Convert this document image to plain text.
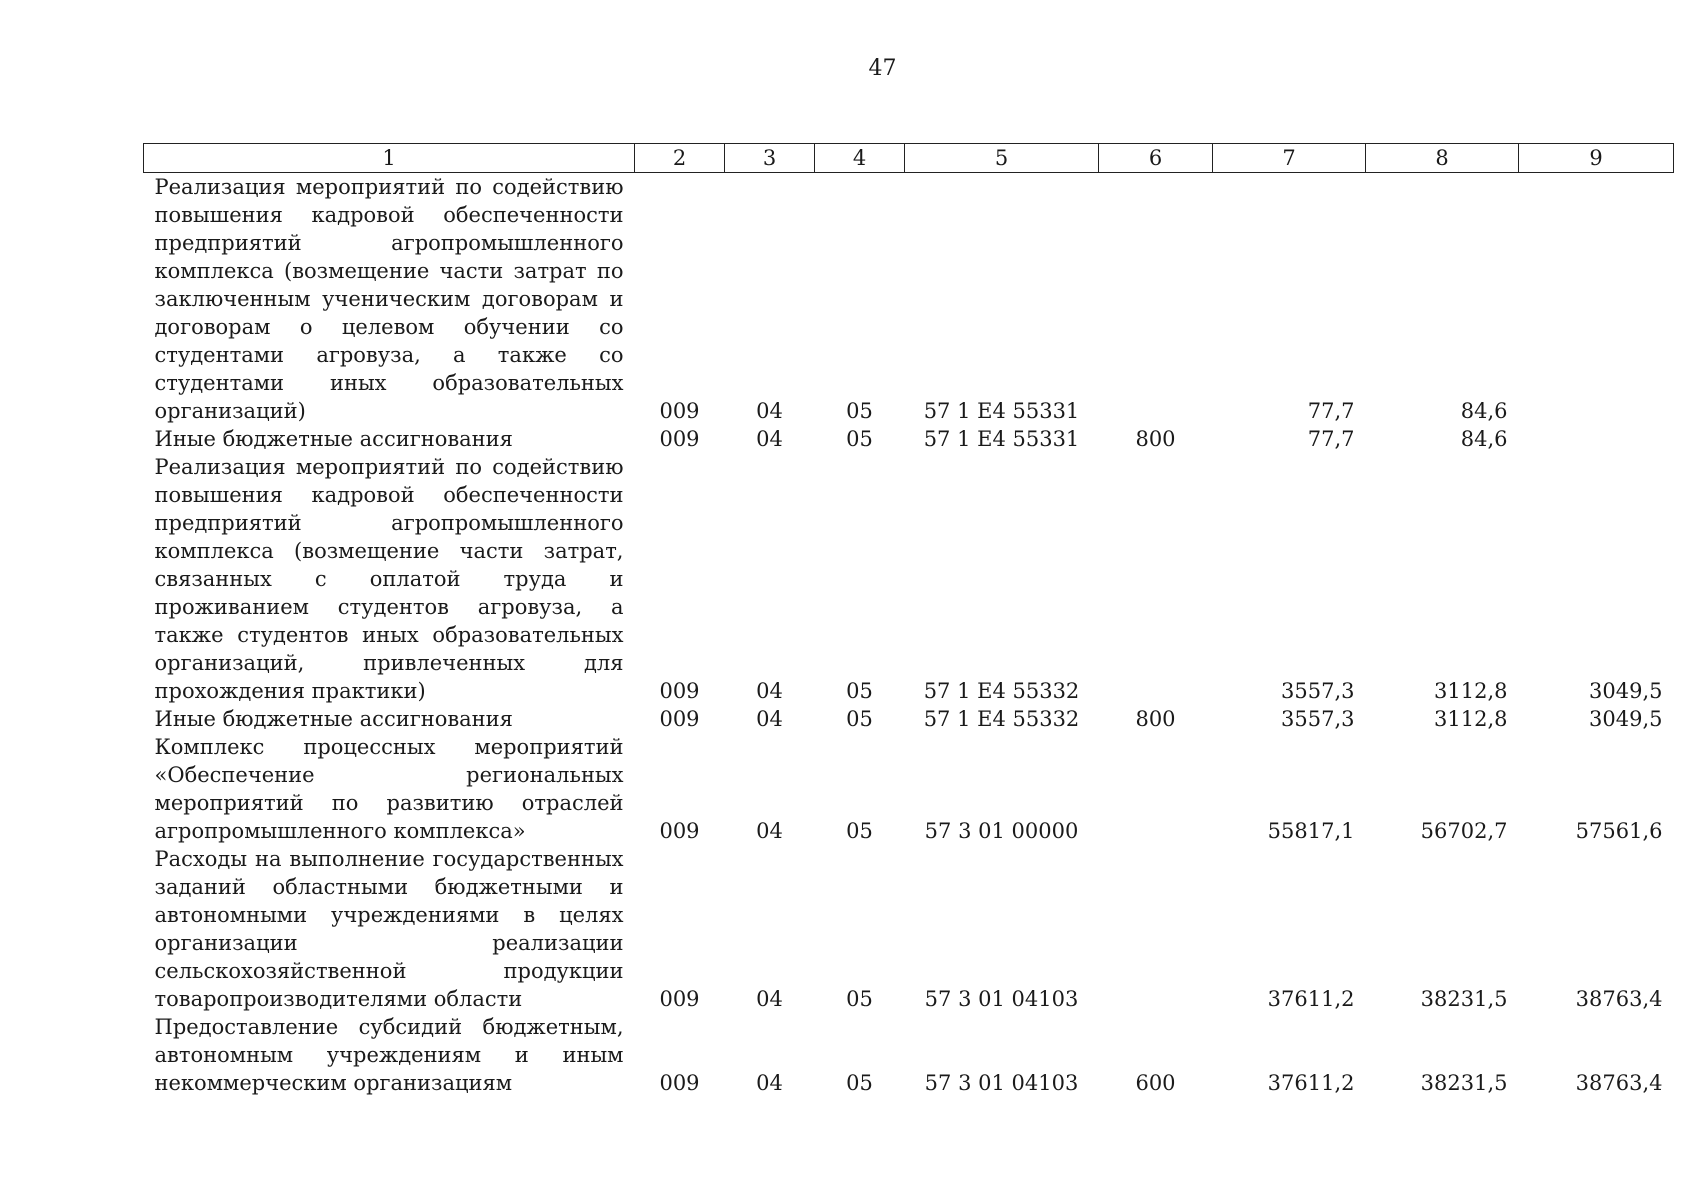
47
1	2	3	4	5	6	7	8	9
Реализация мероприятий по содействию повышения кадровой обеспеченности предприятий агропромышленного комплекса (возмещение части затрат по заключенным ученическим договорам и договорам о целевом обучении со студентами агровуза, а также со студентами иных образовательных организаций)	009	04	05	57 1 Е4 55331		77,7	84,6	
Иные бюджетные ассигнования	009	04	05	57 1 Е4 55331	800	77,7	84,6	
Реализация мероприятий по содействию повышения кадровой обеспеченности предприятий агропромышленного комплекса (возмещение части затрат, связанных с оплатой труда и проживанием студентов агровуза, а также студентов иных образовательных организаций, привлеченных для прохождения практики)	009	04	05	57 1 Е4 55332		3557,3	3112,8	3049,5
Иные бюджетные ассигнования	009	04	05	57 1 Е4 55332	800	3557,3	3112,8	3049,5
Комплекс процессных мероприятий «Обеспечение региональных мероприятий по развитию отраслей агропромышленного комплекса»	009	04	05	57 3 01 00000		55817,1	56702,7	57561,6
Расходы на выполнение государственных заданий областными бюджетными и автономными учреждениями в целях организации реализации сельскохозяйственной продукции товаропроизводителями области	009	04	05	57 3 01 04103		37611,2	38231,5	38763,4
Предоставление субсидий бюджетным, автономным учреждениям и иным некоммерческим организациям	009	04	05	57 3 01 04103	600	37611,2	38231,5	38763,4
